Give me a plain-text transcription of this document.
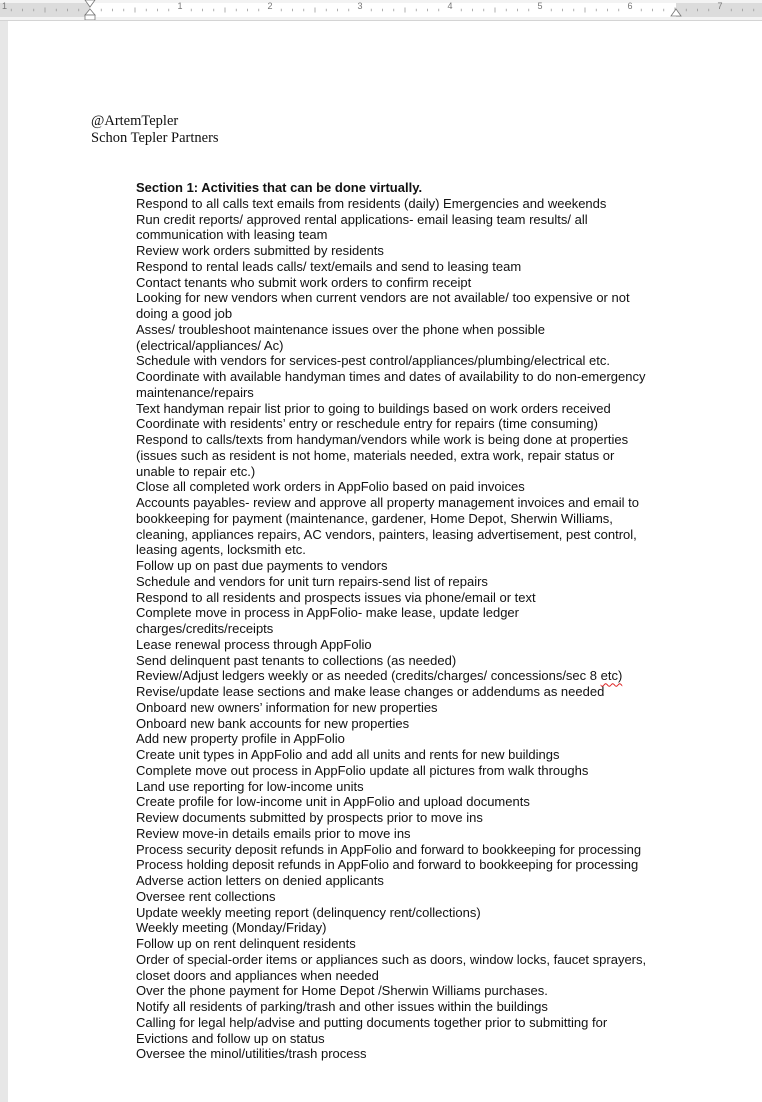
1	1	2	3	4	5	6	7
@ArtemTepler
Schon Tepler Partners
Section 1: Activities that can be done virtually.
Respond to all calls text emails from residents (daily) Emergencies and weekends
Run credit reports/ approved rental applications- email leasing team results/ all
communication with leasing team
Review work orders submitted by residents
Respond to rental leads calls/ text/emails and send to leasing team
Contact tenants who submit work orders to confirm receipt
Looking for new vendors when current vendors are not available/ too expensive or not
doing a good job
Asses/ troubleshoot maintenance issues over the phone when possible
(electrical/appliances/ Ac)
Schedule with vendors for services-pest control/appliances/plumbing/electrical etc.
Coordinate with available handyman times and dates of availability to do non-emergency
maintenance/repairs
Text handyman repair list prior to going to buildings based on work orders received
Coordinate with residents’ entry or reschedule entry for repairs (time consuming)
Respond to calls/texts from handyman/vendors while work is being done at properties
(issues such as resident is not home, materials needed, extra work, repair status or
unable to repair etc.)
Close all completed work orders in AppFolio based on paid invoices
Accounts payables- review and approve all property management invoices and email to
bookkeeping for payment (maintenance, gardener, Home Depot, Sherwin Williams,
cleaning, appliances repairs, AC vendors, painters, leasing advertisement, pest control,
leasing agents, locksmith etc.
Follow up on past due payments to vendors
Schedule and vendors for unit turn repairs-send list of repairs
Respond to all residents and prospects issues via phone/email or text
Complete move in process in AppFolio- make lease, update ledger
charges/credits/receipts
Lease renewal process through AppFolio
Send delinquent past tenants to collections (as needed)
Review/Adjust ledgers weekly or as needed (credits/charges/ concessions/sec 8 etc)
Revise/update lease sections and make lease changes or addendums as needed
Onboard new owners’ information for new properties
Onboard new bank accounts for new properties
Add new property profile in AppFolio
Create unit types in AppFolio and add all units and rents for new buildings
Complete move out process in AppFolio update all pictures from walk throughs
Land use reporting for low-income units
Create profile for low-income unit in AppFolio and upload documents
Review documents submitted by prospects prior to move ins
Review move-in details emails prior to move ins
Process security deposit refunds in AppFolio and forward to bookkeeping for processing
Process holding deposit refunds in AppFolio and forward to bookkeeping for processing
Adverse action letters on denied applicants
Oversee rent collections
Update weekly meeting report (delinquency rent/collections)
Weekly meeting (Monday/Friday)
Follow up on rent delinquent residents
Order of special-order items or appliances such as doors, window locks, faucet sprayers,
closet doors and appliances when needed
Over the phone payment for Home Depot /Sherwin Williams purchases.
Notify all residents of parking/trash and other issues within the buildings
Calling for legal help/advise and putting documents together prior to submitting for
Evictions and follow up on status
Oversee the minol/utilities/trash process
